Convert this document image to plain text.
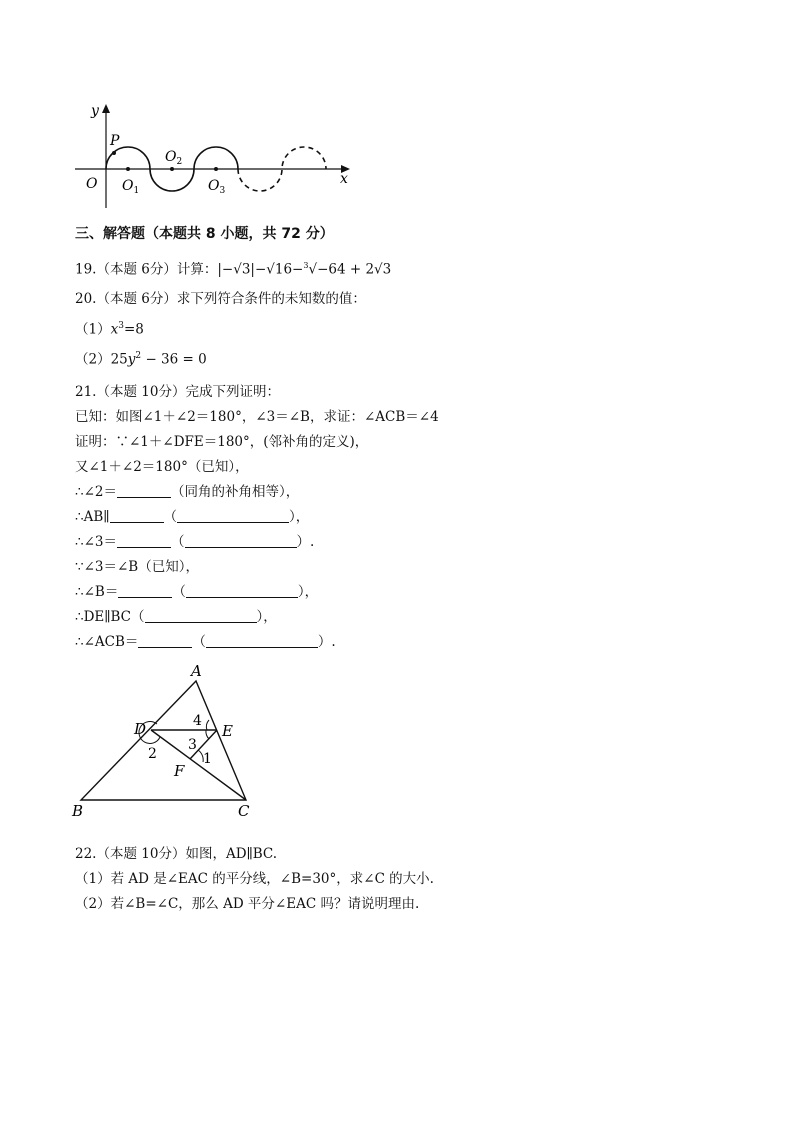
y
x
O
P
$O_1$
$O_2$
$O_3$
三、解答题（本题共 8 小题，共 72 分）
19.（本题 6分）计算：|−√3|−√16−$^3$√−64 + 2√3
20.（本题 6分）求下列符合条件的未知数的值：
$(1)x^3=8$
$(2)25y^2 - 36 = 0$
21.（本题 10分）完成下列证明：
已知：如图∠1＋∠2＝180°，∠3＝∠B，求证：∠ACB＝∠4
证明：∵∠1＋∠DFE＝180°，(邻补角的定义)，
又∠1＋∠2＝180°（已知），
∴∠2＝	（同角的补角相等），
∴AB∥	（	），
∴∠3＝	（	）.
∵∠3＝∠B（已知），
∴∠B＝	（	），
∴DE∥BC（	），
∴∠ACB＝	（	）.
A
B	C
D	E
F
1
2
3
4
22.（本题 10分）如图，AD∥BC.
（1）若 AD 是∠EAC 的平分线，∠B=30°，求∠C 的大小.
（2）若∠B=∠C，那么 AD 平分∠EAC 吗？请说明理由.
